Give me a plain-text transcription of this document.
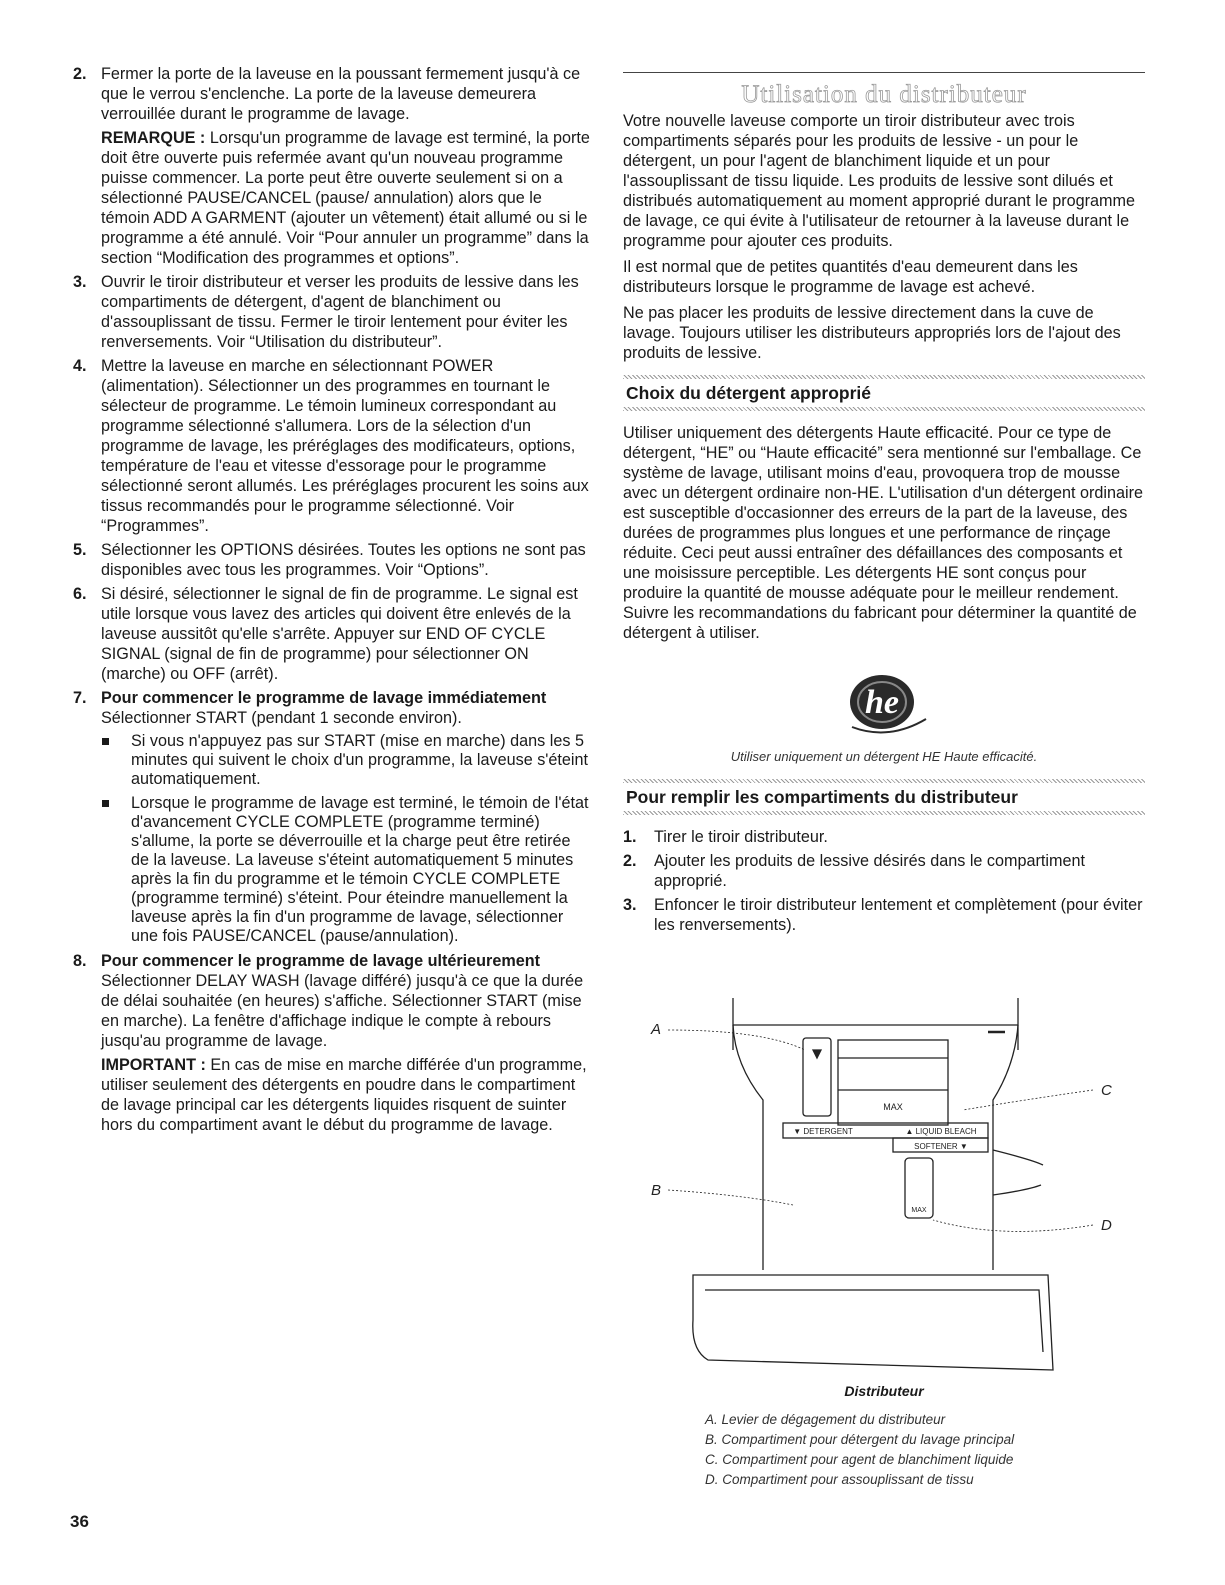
2. Fermer la porte de la laveuse en la poussant fermement jusqu'à ce que le verrou s'enclenche. La porte de la laveuse demeurera verrouillée durant le programme de lavage.

REMARQUE : Lorsqu'un programme de lavage est terminé, la porte doit être ouverte puis refermée avant qu'un nouveau programme puisse commencer. La porte peut être ouverte seulement si on a sélectionné PAUSE/CANCEL (pause/ annulation) alors que le témoin ADD A GARMENT (ajouter un vêtement) était allumé ou si le programme a été annulé. Voir “Pour annuler un programme” dans la section “Modification des programmes et options”.

3. Ouvrir le tiroir distributeur et verser les produits de lessive dans les compartiments de détergent, d'agent de blanchiment ou d'assouplissant de tissu. Fermer le tiroir lentement pour éviter les renversements. Voir “Utilisation du distributeur”.

4. Mettre la laveuse en marche en sélectionnant POWER (alimentation). Sélectionner un des programmes en tournant le sélecteur de programme. Le témoin lumineux correspondant au programme sélectionné s'allumera. Lors de la sélection d'un programme de lavage, les préréglages des modificateurs, options, température de l'eau et vitesse d'essorage pour le programme sélectionné seront allumés. Les préréglages procurent les soins aux tissus recommandés pour le programme sélectionné. Voir “Programmes”.

5. Sélectionner les OPTIONS désirées. Toutes les options ne sont pas disponibles avec tous les programmes. Voir “Options”.

6. Si désiré, sélectionner le signal de fin de programme. Le signal est utile lorsque vous lavez des articles qui doivent être enlevés de la laveuse aussitôt qu'elle s'arrête. Appuyer sur END OF CYCLE SIGNAL (signal de fin de programme) pour sélectionner ON (marche) ou OFF (arrêt).

7. Pour commencer le programme de lavage immédiatement

Sélectionner START (pendant 1 seconde environ).

Si vous n'appuyez pas sur START (mise en marche) dans les 5 minutes qui suivent le choix d'un programme, la laveuse s'éteint automatiquement.
Lorsque le programme de lavage est terminé, le témoin de l'état d'avancement CYCLE COMPLETE (programme terminé) s'allume, la porte se déverrouille et la charge peut être retirée de la laveuse. La laveuse s'éteint automatiquement 5 minutes après la fin du programme et le témoin CYCLE COMPLETE (programme terminé) s'éteint. Pour éteindre manuellement la laveuse après la fin d'un programme de lavage, sélectionner une fois PAUSE/CANCEL (pause/annulation).
8. Pour commencer le programme de lavage ultérieurement

Sélectionner DELAY WASH (lavage différé) jusqu'à ce que la durée de délai souhaitée (en heures) s'affiche. Sélectionner START (mise en marche). La fenêtre d'affichage indique le compte à rebours jusqu'au programme de lavage.

IMPORTANT : En cas de mise en marche différée d'un programme, utiliser seulement des détergents en poudre dans le compartiment de lavage principal car les détergents liquides risquent de suinter hors du compartiment avant le début du programme de lavage.

Utilisation du distributeur

Votre nouvelle laveuse comporte un tiroir distributeur avec trois compartiments séparés pour les produits de lessive - un pour le détergent, un pour l'agent de blanchiment liquide et un pour l'assouplissant de tissu liquide. Les produits de lessive sont dilués et distribués automatiquement au moment approprié durant le programme de lavage, ce qui évite à l'utilisateur de retourner à la laveuse durant le programme pour ajouter ces produits.

Il est normal que de petites quantités d'eau demeurent dans les distributeurs lorsque le programme de lavage est achevé.

Ne pas placer les produits de lessive directement dans la cuve de lavage. Toujours utiliser les distributeurs appropriés lors de l'ajout des produits de lessive.

Choix du détergent approprié

Utiliser uniquement des détergents Haute efficacité. Pour ce type de détergent, “HE” ou “Haute efficacité” sera mentionné sur l'emballage. Ce système de lavage, utilisant moins d'eau, provoquera trop de mousse avec un détergent ordinaire non-HE. L'utilisation d'un détergent ordinaire est susceptible d'occasionner des erreurs de la part de la laveuse, des durées de programmes plus longues et une performance de rinçage réduite. Ceci peut aussi entraîner des défaillances des composants et une moisissure perceptible. Les détergents HE sont conçus pour produire la quantité de mousse adéquate pour le meilleur rendement. Suivre les recommandations du fabricant pour déterminer la quantité de détergent à utiliser.

he
Utiliser uniquement un détergent HE Haute efficacité.
Pour remplir les compartiments du distributeur
1. Tirer le tiroir distributeur.
2. Ajouter les produits de lessive désirés dans le compartiment approprié.
3. Enfoncer le tiroir distributeur lentement et complètement (pour éviter les renversements).
MAX
▼ DETERGENT	▲ LIQUID BLEACH
SOFTENER ▼
MAX
A
B
C
D
Distributeur
A. Levier de dégagement du distributeur
B. Compartiment pour détergent du lavage principal
C. Compartiment pour agent de blanchiment liquide
D. Compartiment pour assouplissant de tissu
36
